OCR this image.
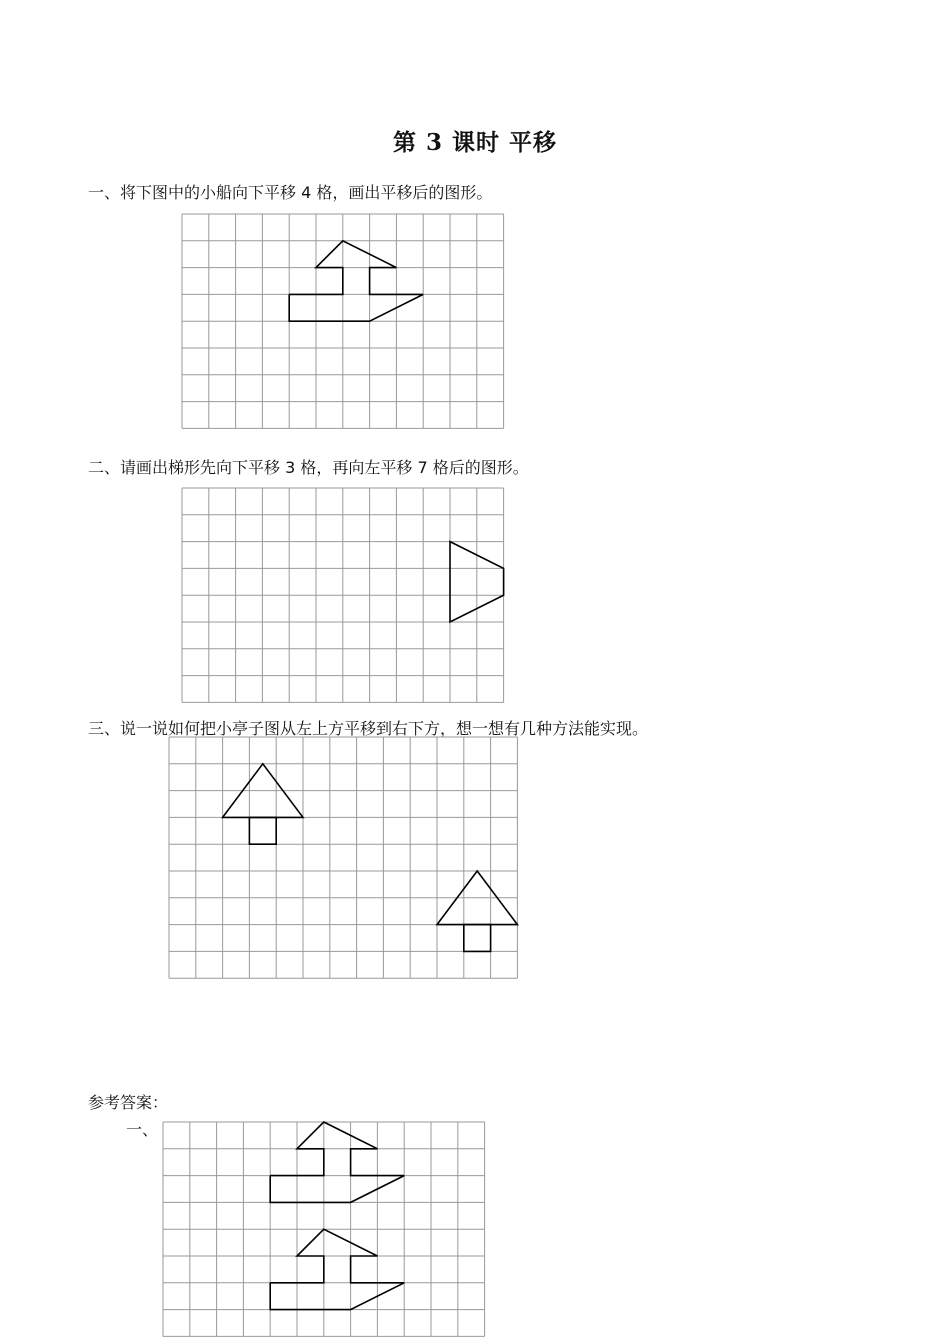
第 3 课时 平移
一、将下图中的小船向下平移 4 格，画出平移后的图形。
二、请画出梯形先向下平移 3 格，再向左平移 7 格后的图形。
三、说一说如何把小亭子图从左上方平移到右下方，想一想有几种方法能实现。
参考答案：
一、
